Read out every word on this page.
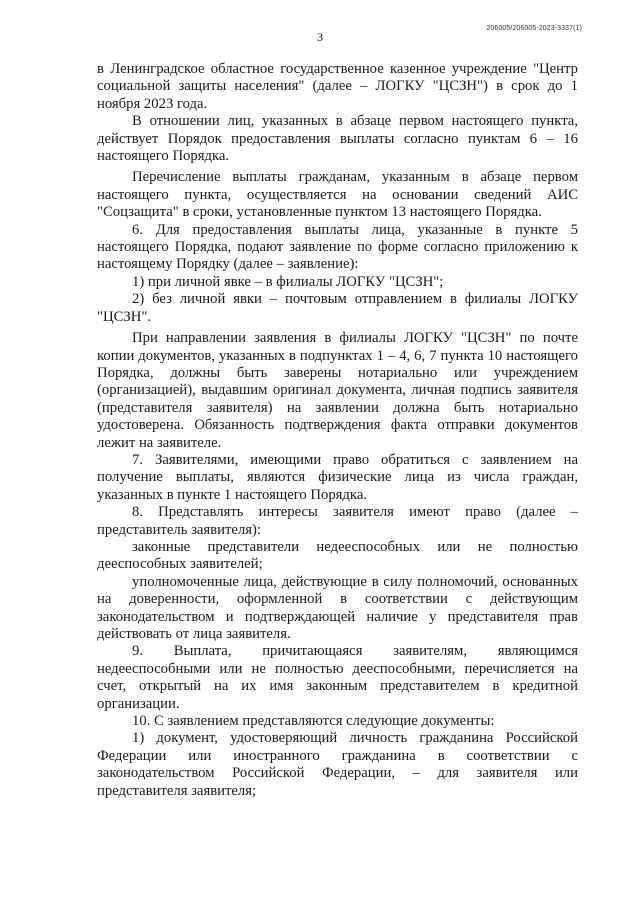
206005/206005-2023-3337(1)
3

в Ленинградское областное государственное казенное учреждение "Центр социальной защиты населения" (далее – ЛОГКУ "ЦСЗН") в срок до 1 ноября 2023 года.

В отношении лиц, указанных в абзаце первом настоящего пункта, действует Порядок предоставления выплаты согласно пунктам 6 – 16 настоящего Порядка.

Перечисление выплаты гражданам, указанным в абзаце первом настоящего пункта, осуществляется на основании сведений АИС "Соцзащита" в сроки, установленные пунктом 13 настоящего Порядка.

6. Для предоставления выплаты лица, указанные в пункте 5 настоящего Порядка, подают заявление по форме согласно приложению к настоящему Порядку (далее – заявление):

1) при личной явке – в филиалы ЛОГКУ "ЦСЗН";

2) без личной явки – почтовым отправлением в филиалы ЛОГКУ "ЦСЗН".

При направлении заявления в филиалы ЛОГКУ "ЦСЗН" по почте копии документов, указанных в подпунктах 1 – 4, 6, 7 пункта 10 настоящего Порядка, должны быть заверены нотариально или учреждением (организацией), выдавшим оригинал документа, личная подпись заявителя (представителя заявителя) на заявлении должна быть нотариально удостоверена. Обязанность подтверждения факта отправки документов лежит на заявителе.

7. Заявителями, имеющими право обратиться с заявлением на получение выплаты, являются физические лица из числа граждан, указанных в пункте 1 настоящего Порядка.

8. Представлять интересы заявителя имеют право (далее – представитель заявителя):

законные представители недееспособных или не полностью дееспособных заявителей;

уполномоченные лица, действующие в силу полномочий, основанных на доверенности, оформленной в соответствии с действующим законодательством и подтверждающей наличие у представителя прав действовать от лица заявителя.

9. Выплата, причитающаяся заявителям, являющимся недееспособными или не полностью дееспособными, перечисляется на счет, открытый на их имя законным представителем в кредитной организации.

10. С заявлением представляются следующие документы:

1) документ, удостоверяющий личность гражданина Российской Федерации или иностранного гражданина в соответствии с законодательством Российской Федерации, – для заявителя или представителя заявителя;
